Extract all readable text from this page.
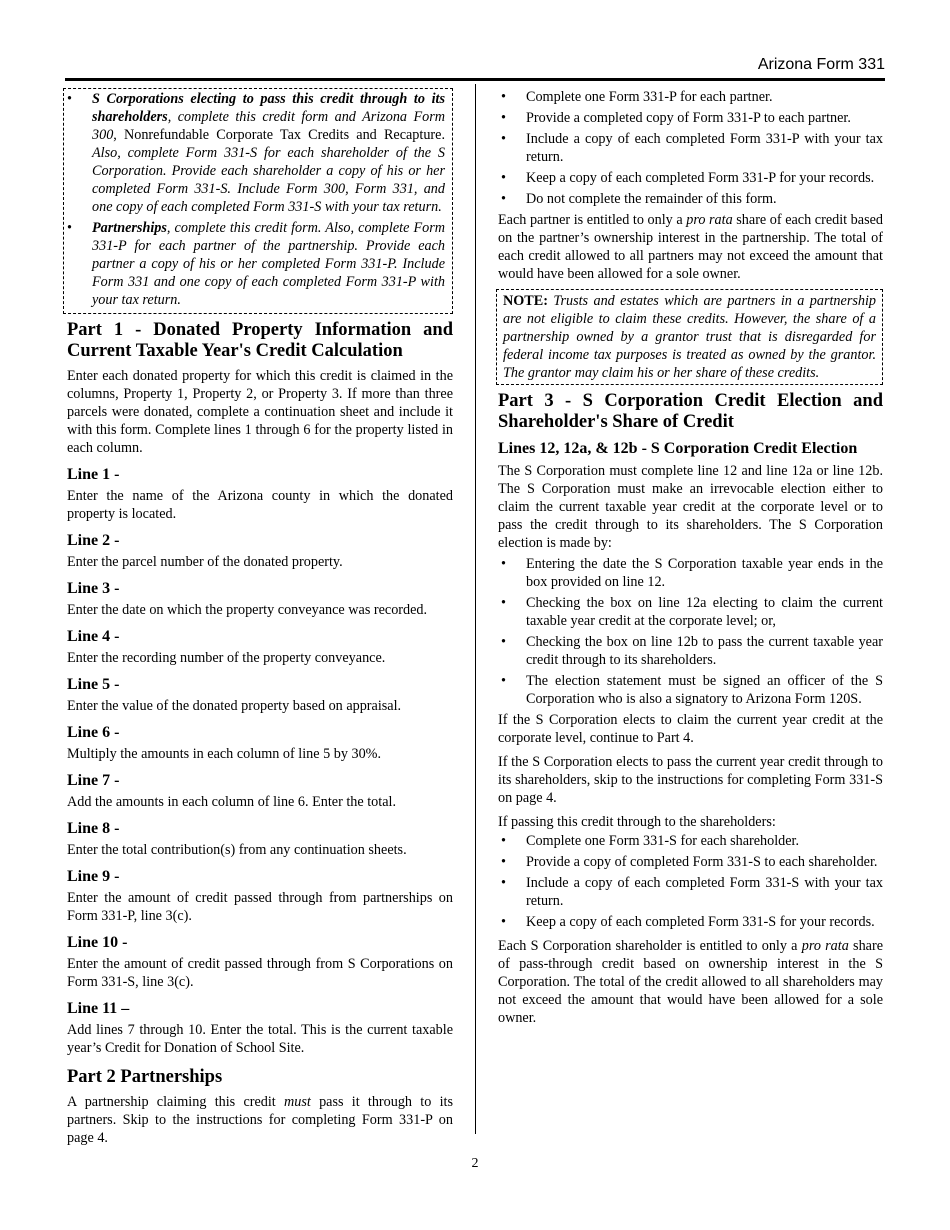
Arizona Form 331
• S Corporations electing to pass this credit through to its shareholders, complete this credit form and Arizona Form 300, Nonrefundable Corporate Tax Credits and Recapture. Also, complete Form 331-S for each shareholder of the S Corporation. Provide each shareholder a copy of his or her completed Form 331-S. Include Form 300, Form 331, and one copy of each completed Form 331-S with your tax return.
• Partnerships, complete this credit form. Also, complete Form 331-P for each partner of the partnership. Provide each partner a copy of his or her completed Form 331-P. Include Form 331 and one copy of each completed Form 331-P with your tax return.
Part 1 - Donated Property Information and Current Taxable Year's Credit Calculation

Enter each donated property for which this credit is claimed in the columns, Property 1, Property 2, or Property 3. If more than three parcels were donated, complete a continuation sheet and include it with this form. Complete lines 1 through 6 for the property listed in each column.

Line 1 -

Enter the name of the Arizona county in which the donated property is located.

Line 2 -

Enter the parcel number of the donated property.

Line 3 -

Enter the date on which the property conveyance was recorded.

Line 4 -

Enter the recording number of the property conveyance.

Line 5 -

Enter the value of the donated property based on appraisal.

Line 6 -

Multiply the amounts in each column of line 5 by 30%.

Line 7 -

Add the amounts in each column of line 6. Enter the total.

Line 8 -

Enter the total contribution(s) from any continuation sheets.

Line 9 -

Enter the amount of credit passed through from partnerships on Form 331-P, line 3(c).

Line 10 -

Enter the amount of credit passed through from S Corporations on Form 331-S, line 3(c).

Line 11 –

Add lines 7 through 10. Enter the total. This is the current taxable year’s Credit for Donation of School Site.

Part 2 Partnerships

A partnership claiming this credit must pass it through to its partners. Skip to the instructions for completing Form 331-P on page 4.

• Complete one Form 331-P for each partner.
• Provide a completed copy of Form 331-P to each partner.
• Include a copy of each completed Form 331-P with your tax return.
• Keep a copy of each completed Form 331-P for your records.
• Do not complete the remainder of this form.

Each partner is entitled to only a pro rata share of each credit based on the partner’s ownership interest in the partnership. The total of each credit allowed to all partners may not exceed the amount that would have been allowed for a sole owner.

NOTE: Trusts and estates which are partners in a partnership are not eligible to claim these credits. However, the share of a partnership owned by a grantor trust that is disregarded for federal income tax purposes is treated as owned by the grantor. The grantor may claim his or her share of these credits.
Part 3 - S Corporation Credit Election and Shareholder's Share of Credit
Lines 12, 12a, & 12b - S Corporation Credit Election

The S Corporation must complete line 12 and line 12a or line 12b. The S Corporation must make an irrevocable election either to claim the current taxable year credit at the corporate level or to pass the credit through to its shareholders. The S Corporation election is made by:

• Entering the date the S Corporation taxable year ends in the box provided on line 12.
• Checking the box on line 12a electing to claim the current taxable year credit at the corporate level; or,
• Checking the box on line 12b to pass the current taxable year credit through to its shareholders.
• The election statement must be signed an officer of the S Corporation who is also a signatory to Arizona Form 120S.

If the S Corporation elects to claim the current year credit at the corporate level, continue to Part 4.

If the S Corporation elects to pass the current year credit through to its shareholders, skip to the instructions for completing Form 331-S on page 4.

If passing this credit through to the shareholders:

• Complete one Form 331-S for each shareholder.
• Provide a copy of completed Form 331-S to each shareholder.
• Include a copy of each completed Form 331-S with your tax return.
• Keep a copy of each completed Form 331-S for your records.

Each S Corporation shareholder is entitled to only a pro rata share of pass-through credit based on ownership interest in the S Corporation. The total of the credit allowed to all shareholders may not exceed the amount that would have been allowed for a sole owner.

2
